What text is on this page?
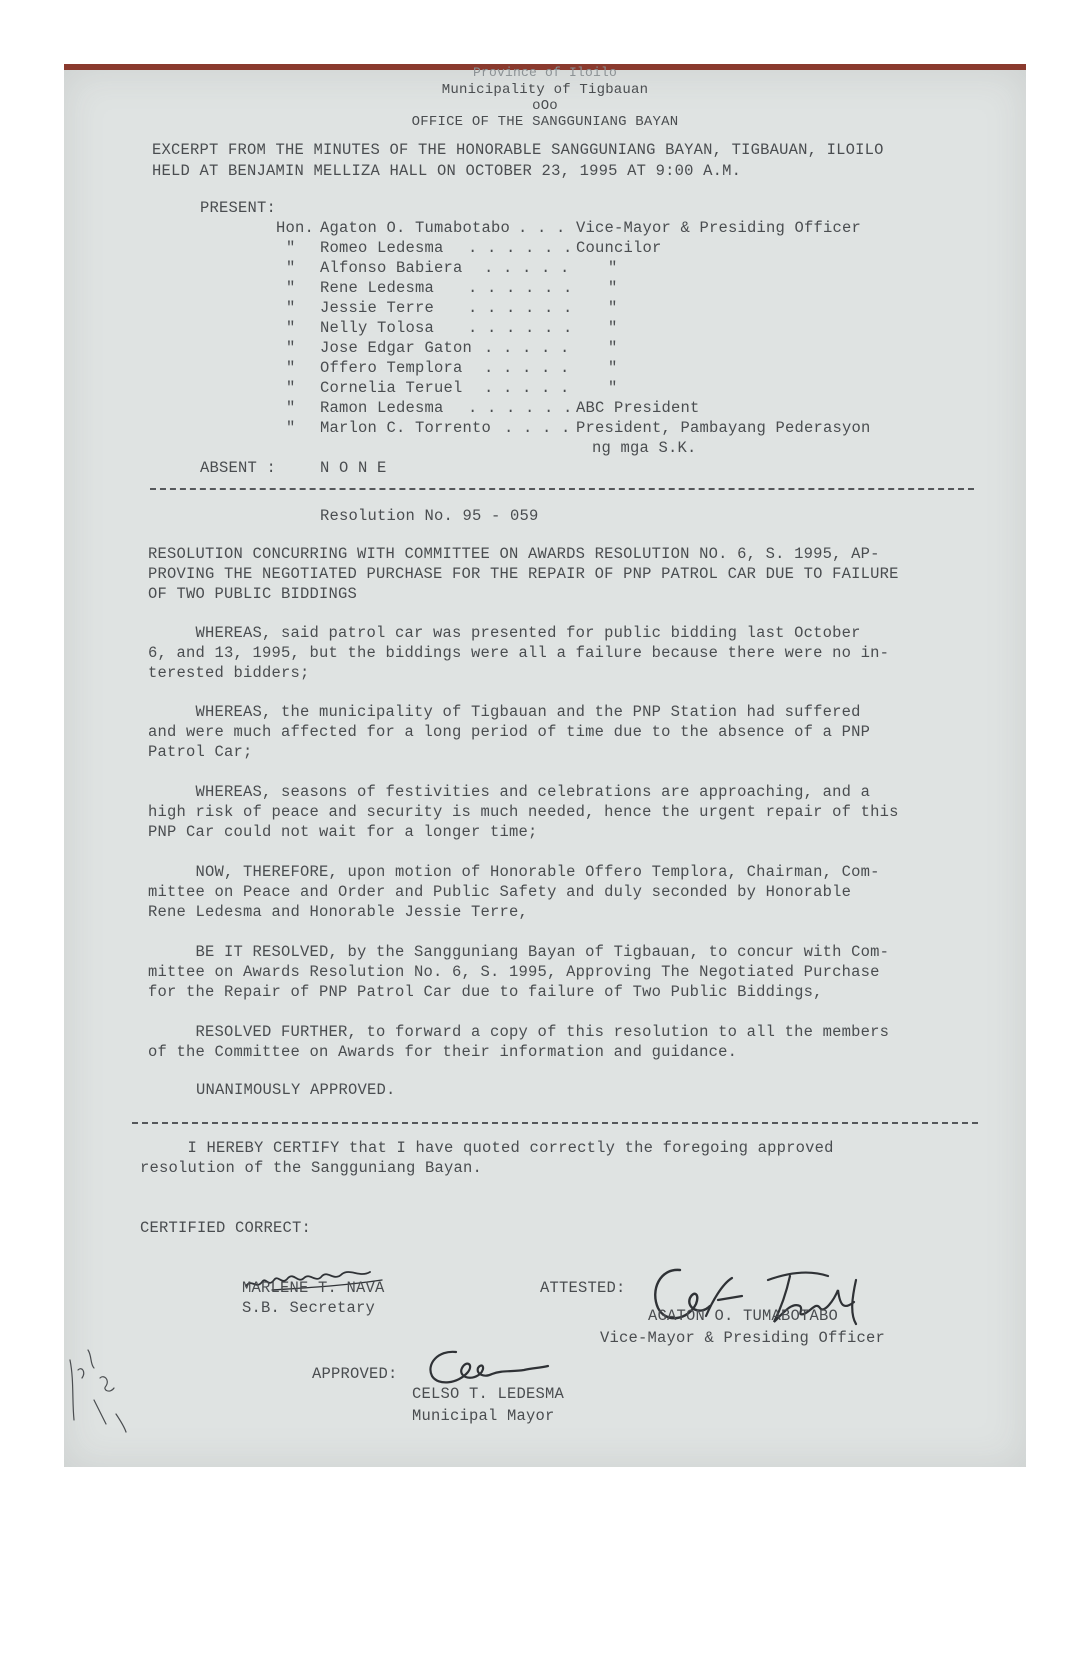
Province of Iloilo
Municipality of Tigbauan
oOo
OFFICE OF THE SANGGUNIANG BAYAN
EXCERPT FROM THE MINUTES OF THE HONORABLE SANGGUNIANG BAYAN, TIGBAUAN, ILOILO
HELD AT BENJAMIN MELLIZA HALL ON OCTOBER 23, 1995 AT 9:00 A.M.
PRESENT:
Hon. Agaton O. Tumabotabo . . . Vice-Mayor & Presiding Officer
" Romeo Ledesma . . . . . . Councilor
" Alfonso Babiera . . . . . "
" Rene Ledesma . . . . . . "
" Jessie Terre . . . . . . "
" Nelly Tolosa . . . . . . "
" Jose Edgar Gaton . . . . . "
" Offero Templora . . . . . "
" Cornelia Teruel . . . . . "
" Ramon Ledesma . . . . . . ABC President
" Marlon C. Torrento . . . . President, Pambayang Pederasyon
ng mga S.K.
ABSENT :	N O N E
Resolution No. 95 - 059
RESOLUTION CONCURRING WITH COMMITTEE ON AWARDS RESOLUTION NO. 6, S. 1995, AP-
PROVING THE NEGOTIATED PURCHASE FOR THE REPAIR OF PNP PATROL CAR DUE TO FAILURE
OF TWO PUBLIC BIDDINGS
WHEREAS, said patrol car was presented for public bidding last October
6, and 13, 1995, but the biddings were all a failure because there were no in-
terested bidders;
WHEREAS, the municipality of Tigbauan and the PNP Station had suffered
and were much affected for a long period of time due to the absence of a PNP
Patrol Car;
WHEREAS, seasons of festivities and celebrations are approaching, and a
high risk of peace and security is much needed, hence the urgent repair of this
PNP Car could not wait for a longer time;
NOW, THEREFORE, upon motion of Honorable Offero Templora, Chairman, Com-
mittee on Peace and Order and Public Safety and duly seconded by Honorable
Rene Ledesma and Honorable Jessie Terre,
BE IT RESOLVED, by the Sangguniang Bayan of Tigbauan, to concur with Com-
mittee on Awards Resolution No. 6, S. 1995, Approving The Negotiated Purchase
for the Repair of PNP Patrol Car due to failure of Two Public Biddings,
RESOLVED FURTHER, to forward a copy of this resolution to all the members
of the Committee on Awards for their information and guidance.
UNANIMOUSLY APPROVED.
I HEREBY CERTIFY that I have quoted correctly the foregoing approved
resolution of the Sangguniang Bayan.
CERTIFIED CORRECT:
MARLENE T. NAVA
S.B. Secretary
ATTESTED:
AGATON O. TUMABOTABO
Vice-Mayor & Presiding Officer
APPROVED:
CELSO T. LEDESMA
Municipal Mayor
